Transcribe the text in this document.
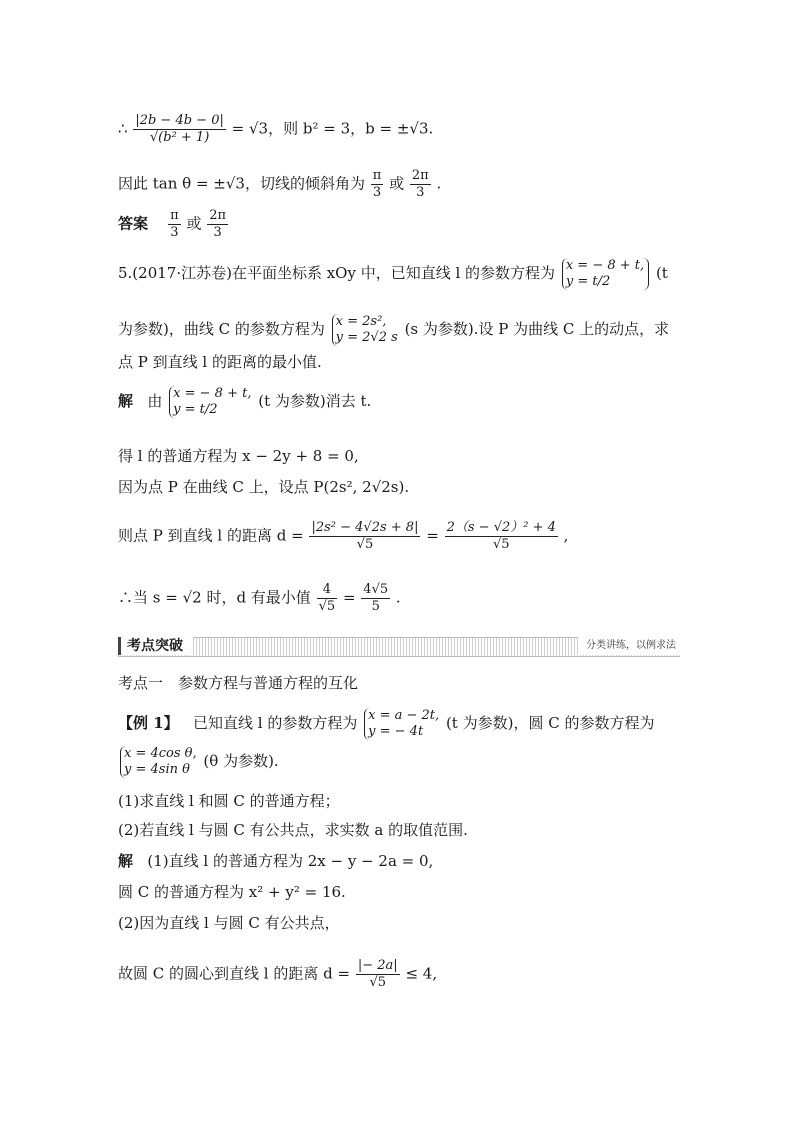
∴ $\frac{|2b - 4b - 0|}{\text{√(b² + 1)}} = √3$，则 b² = 3，b = ±√3.
因此 tan θ = ±√3，切线的倾斜角为 $\frac{\pi}{3}$ 或 $\frac{2\pi}{3}$ .
答案 $\frac{\pi}{3}$ 或 $\frac{2\pi}{3}$
5.(2017·江苏卷)在平面坐标系 xOy 中，已知直线 l 的参数方程为 x = − 8 + t,
y = t/2	(t
为参数)，曲线 C 的参数方程为 x = 2s²,
y = 2√2 s (s 为参数).设 P 为曲线 C 上的动点，求
点 P 到直线 l 的距离的最小值.
解 由 x = − 8 + t,
y = t/2	(t 为参数)消去 t.
得 l 的普通方程为 x − 2y + 8 = 0,
因为点 P 在曲线 C 上，设点 P(2s², 2√2s).
则点 P 到直线 l 的距离 $d = \frac{\text{|2s² − 4√2s + 8|}}{√5} = \frac{\text{2（s − √2）² + 4}}{√5}$ ,
∴当 s = √2 时，d 有最小值 $\frac{4}{√5} = \frac{4√5}{5}$ .
考点突破	分类讲练，以例求法
考点一　参数方程与普通方程的互化
【例 1】 已知直线 l 的参数方程为 x = a − 2t,
y = − 4t	(t 为参数)，圆 C 的参数方程为
x = 4cos θ,
y = 4sin θ (θ 为参数).
(1)求直线 l 和圆 C 的普通方程；
(2)若直线 l 与圆 C 有公共点，求实数 a 的取值范围.
解 (1)直线 l 的普通方程为 2x − y − 2a = 0,
圆 C 的普通方程为 x² + y² = 16.
(2)因为直线 l 与圆 C 有公共点，
故圆 C 的圆心到直线 l 的距离 $d = \frac{|- 2a|}{√5} \le 4$,
